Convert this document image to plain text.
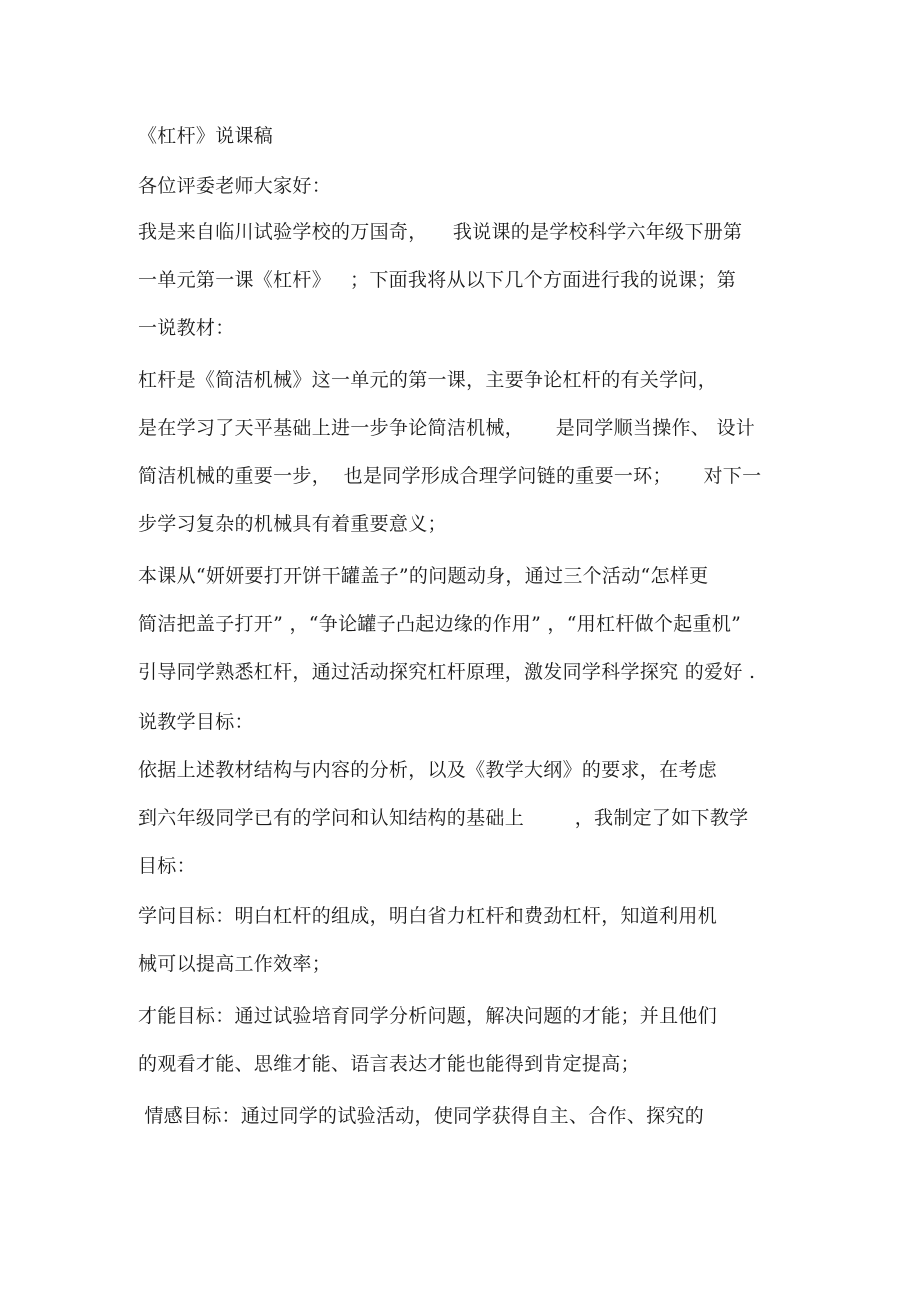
《杠杆》说课稿
各位评委老师大家好：
我是来自临川试验学校的万国奇，    我说课的是学校科学六年级下册第
一单元第一课《杠杆》   ；下面我将从以下几个方面进行我的说课；第
一说教材：
杠杆是《简洁机械》这一单元的第一课，主要争论杠杆的有关学问，
是在学习了天平基础上进一步争论简洁机械，     是同学顺当操作、 设计
简洁机械的重要一步，  也是同学形成合理学问链的重要一环；     对下一
步学习复杂的机械具有着重要意义；
本课从“妍妍要打开饼干罐盖子”的问题动身，通过三个活动“怎样更
简洁把盖子打开” ，“争论罐子凸起边缘的作用” ，“用杠杆做个起重机”
引导同学熟悉杠杆，通过活动探究杠杆原理，激发同学科学探究 的爱好 .
说教学目标：
依据上述教材结构与内容的分析，以及《教学大纲》的要求，在考虑
到六年级同学已有的学问和认知结构的基础上        ，我制定了如下教学
目标：
学问目标：明白杠杆的组成，明白省力杠杆和费劲杠杆，知道利用机
械可以提高工作效率；
才能目标：通过试验培育同学分析问题，解决问题的才能；并且他们
的观看才能、思维才能、语言表达才能也能得到肯定提高；
情感目标：通过同学的试验活动，使同学获得自主、合作、探究的
